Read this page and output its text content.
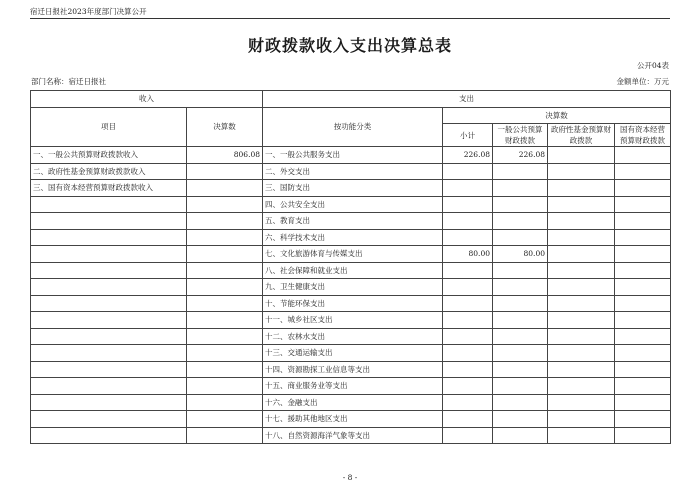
宿迁日报社2023年度部门决算公开
财政拨款收入支出决算总表
公开04表
部门名称：宿迁日报社	金额单位：万元
收入		支出				
项目	决算数	按功能分类	决算数			
			小计	一般公共预算财政拨款	政府性基金预算财政拨款	国有资本经营预算财政拨款
一、一般公共预算财政拨款收入	806.08	一、一般公共服务支出	226.08	226.08		
二、政府性基金预算财政拨款收入		二、外交支出				
三、国有资本经营预算财政拨款收入		三、国防支出				
		四、公共安全支出				
		五、教育支出				
		六、科学技术支出				
		七、文化旅游体育与传媒支出	80.00	80.00		
		八、社会保障和就业支出				
		九、卫生健康支出				
		十、节能环保支出				
		十一、城乡社区支出				
		十二、农林水支出				
		十三、交通运输支出				
		十四、资源勘探工业信息等支出				
		十五、商业服务业等支出				
		十六、金融支出				
		十七、援助其他地区支出				
		十八、自然资源海洋气象等支出				
- 8 -
